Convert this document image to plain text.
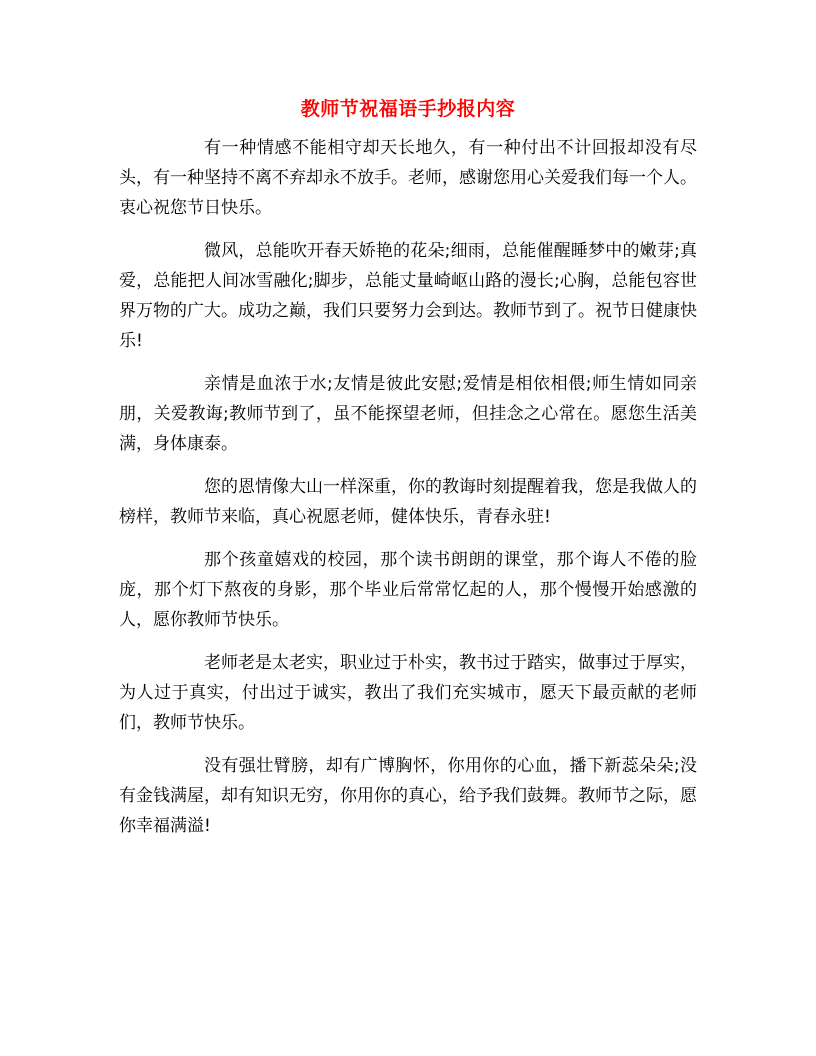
教师节祝福语手抄报内容

有一种情感不能相守却天长地久，有一种付出不计回报却没有尽头，有一种坚持不离不弃却永不放手。老师，感谢您用心关爱我们每一个人。衷心祝您节日快乐。

微风，总能吹开春天娇艳的花朵;细雨，总能催醒睡梦中的嫩芽;真爱，总能把人间冰雪融化;脚步，总能丈量崎岖山路的漫长;心胸，总能包容世界万物的广大。成功之巅，我们只要努力会到达。教师节到了。祝节日健康快乐!

亲情是血浓于水;友情是彼此安慰;爱情是相依相偎;师生情如同亲朋，关爱教诲;教师节到了，虽不能探望老师，但挂念之心常在。愿您生活美满，身体康泰。

您的恩情像大山一样深重，你的教诲时刻提醒着我，您是我做人的榜样，教师节来临，真心祝愿老师，健体快乐，青春永驻!

那个孩童嬉戏的校园，那个读书朗朗的课堂，那个诲人不倦的脸庞，那个灯下熬夜的身影，那个毕业后常常忆起的人，那个慢慢开始感激的人，愿你教师节快乐。

老师老是太老实，职业过于朴实，教书过于踏实，做事过于厚实，为人过于真实，付出过于诚实，教出了我们充实城市，愿天下最贡献的老师们，教师节快乐。

没有强壮臂膀，却有广博胸怀，你用你的心血，播下新蕊朵朵;没有金钱满屋，却有知识无穷，你用你的真心，给予我们鼓舞。教师节之际，愿你幸福满溢!
